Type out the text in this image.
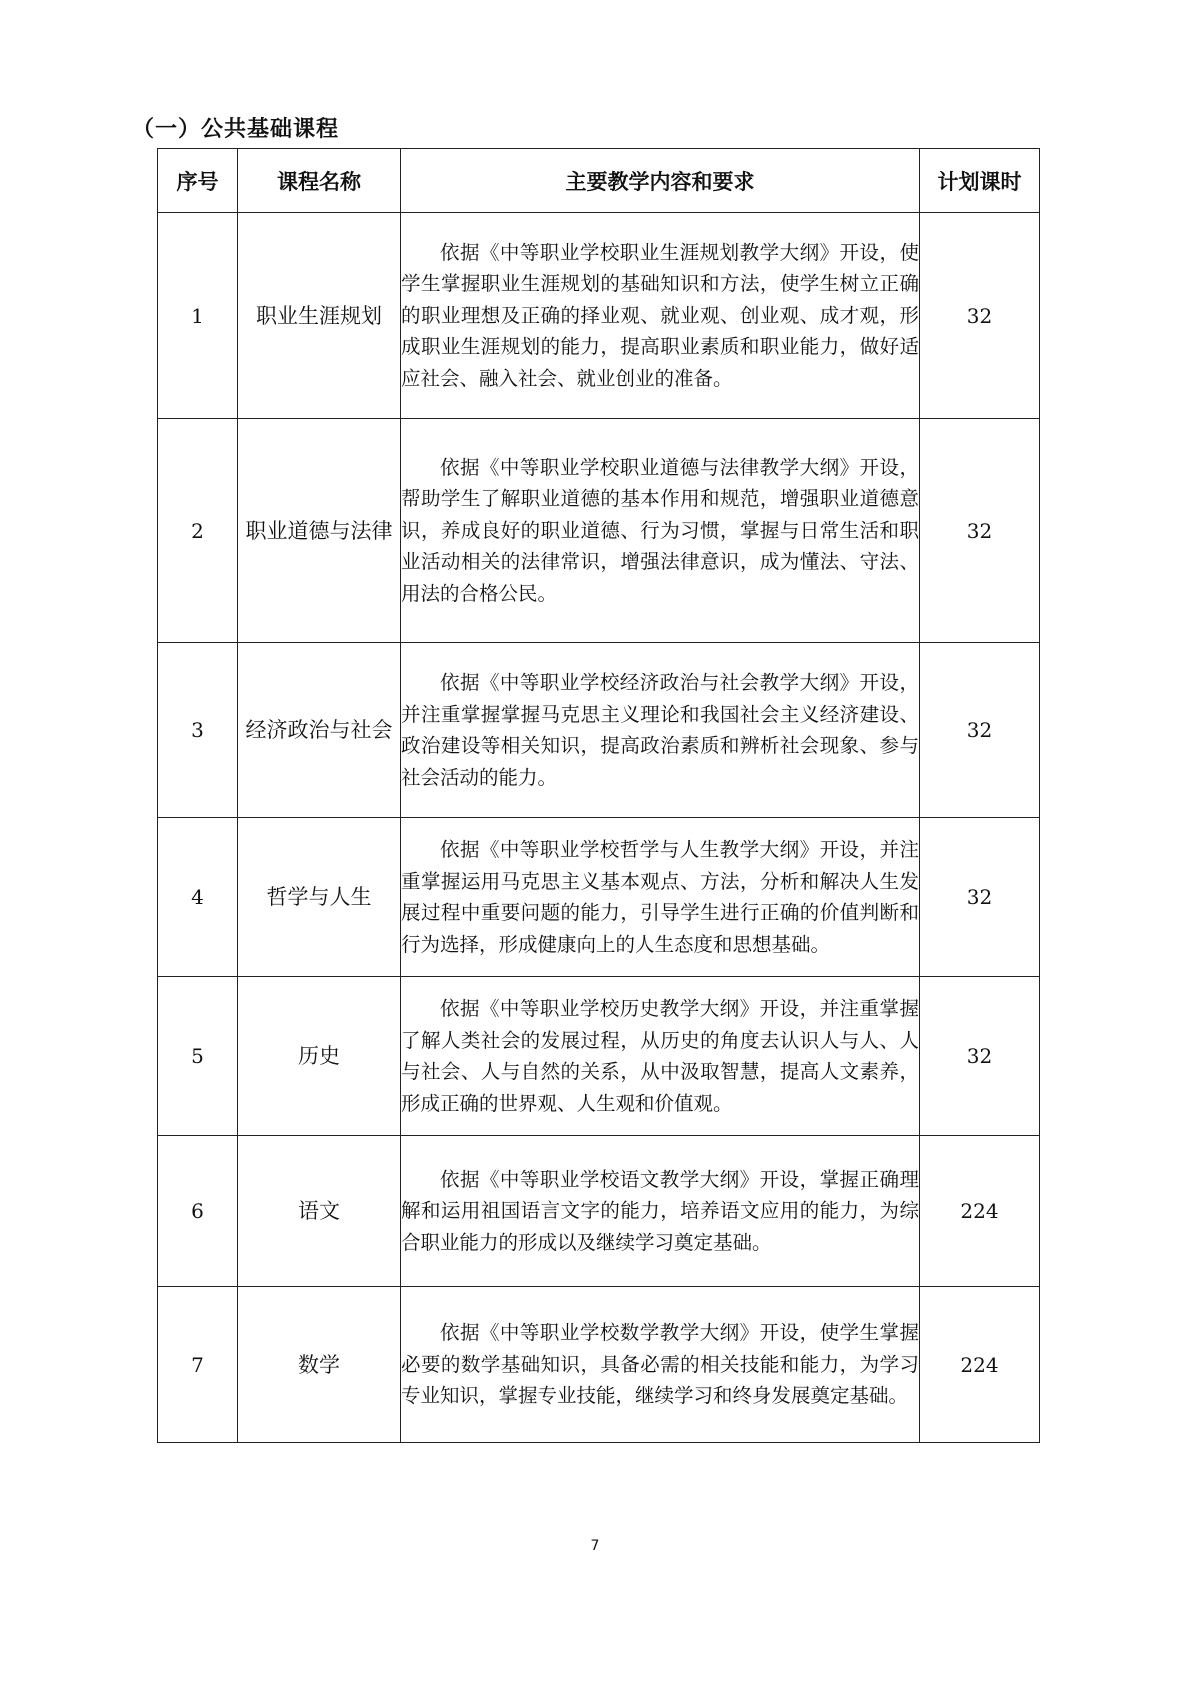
（一）公共基础课程
序号	课程名称	主要教学内容和要求	计划课时
1	职业生涯规划	依据《中等职业学校职业生涯规划教学大纲》开设，使学生掌握职业生涯规划的基础知识和方法，使学生树立正确的职业理想及正确的择业观、就业观、创业观、成才观，形成职业生涯规划的能力，提高职业素质和职业能力，做好适应社会、融入社会、就业创业的准备。	32
2	职业道德与法律	依据《中等职业学校职业道德与法律教学大纲》开设，帮助学生了解职业道德的基本作用和规范，增强职业道德意识，养成良好的职业道德、行为习惯，掌握与日常生活和职业活动相关的法律常识，增强法律意识，成为懂法、守法、用法的合格公民。	32
3	经济政治与社会	依据《中等职业学校经济政治与社会教学大纲》开设，并注重掌握掌握马克思主义理论和我国社会主义经济建设、政治建设等相关知识，提高政治素质和辨析社会现象、参与社会活动的能力。	32
4	哲学与人生	依据《中等职业学校哲学与人生教学大纲》开设，并注重掌握运用马克思主义基本观点、方法，分析和解决人生发展过程中重要问题的能力，引导学生进行正确的价值判断和行为选择，形成健康向上的人生态度和思想基础。	32
5	历史	依据《中等职业学校历史教学大纲》开设，并注重掌握了解人类社会的发展过程，从历史的角度去认识人与人、人与社会、人与自然的关系，从中汲取智慧，提高人文素养，形成正确的世界观、人生观和价值观。	32
6	语文	依据《中等职业学校语文教学大纲》开设，掌握正确理解和运用祖国语言文字的能力，培养语文应用的能力，为综合职业能力的形成以及继续学习奠定基础。	224
7	数学	依据《中等职业学校数学教学大纲》开设，使学生掌握必要的数学基础知识，具备必需的相关技能和能力，为学习专业知识，掌握专业技能，继续学习和终身发展奠定基础。	224
7
